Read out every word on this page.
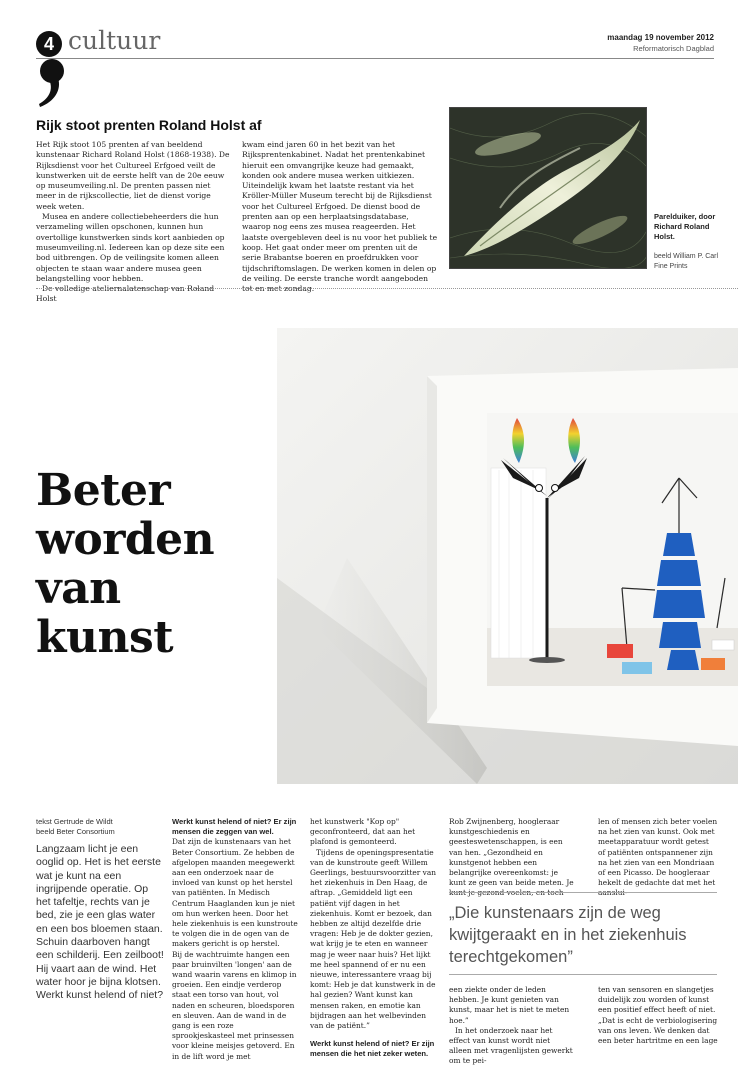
4 cultuur	maandag 19 november 2012
Reformatorisch Dagblad
Rijk stoot prenten Roland Holst af

Het Rijk stoot 105 prenten af van beeldend kunstenaar Richard Roland Holst (1868-1938). De Rijksdienst voor het Cultureel Erfgoed veilt de kunstwerken uit de eerste helft van de 20e eeuw op museumveiling.nl. De prenten passen niet meer in de rijkscollectie, liet de dienst vorige week weten.

Musea en andere collectiebeheerders die hun verzameling willen opschonen, kunnen hun overtollige kunstwerken sinds kort aanbieden op museumveiling.nl. Iedereen kan op deze site een bod uitbrengen. Op de veilingsite komen alleen objecten te staan waar andere musea geen belangstelling voor hebben.

De volledige ateliernalatenschap van Roland Holst

kwam eind jaren 60 in het bezit van het Rijksprentenkabinet. Nadat het prentenkabinet hieruit een omvangrijke keuze had gemaakt, konden ook andere musea werken uitkiezen. Uiteindelijk kwam het laatste restant via het Kröller-Müller Museum terecht bij de Rijksdienst voor het Cultureel Erfgoed. De dienst bood de prenten aan op een herplaatsingsdatabase, waarop nog eens zes musea reageerden. Het laatste overgebleven deel is nu voor het publiek te koop. Het gaat onder meer om prenten uit de serie Brabantse boeren en proefdrukken voor tijdschriftomslagen. De werken komen in delen op de veiling. De eerste tranche wordt aangeboden tot en met zondag.

Parelduiker, door Richard Roland Holst.
beeld William P. Carl Fine Prints
Beter
worden
van
kunst
tekst Gertrude de Wildt
beeld Beter Consortium
Langzaam licht je een ooglid op. Het is het eerste wat je kunt na een ingrijpende operatie. Op het tafeltje, rechts van je bed, zie je een glas water en een bos bloemen staan. Schuin daarboven hangt een schilderij. Een zeilboot! Hij vaart aan de wind. Het water hoor je bijna klotsen. Werkt kunst helend of niet?

Werkt kunst helend of niet? Er zijn mensen die zeggen van wel.

Dat zijn de kunstenaars van het Beter Consortium. Ze hebben de afgelopen maanden meegewerkt aan een onderzoek naar de invloed van kunst op het herstel van patiënten. In Medisch Centrum Haaglanden kun je niet om hun werken heen. Door het hele ziekenhuis is een kunstroute te volgen die in de ogen van de makers gericht is op herstel.

Bij de wachtruimte hangen een paar bruinvilten 'longen' aan de wand waarin varens en klimop in groeien. Een eindje verderop staat een torso van hout, vol naden en scheuren, bloedsporen en sleuven. Aan de wand in de gang is een roze sprookjeskasteel met prinsessen voor kleine meisjes getoverd. En in de lift word je met

het kunstwerk "Kop op" geconfronteerd, dat aan het plafond is gemonteerd.

Tijdens de openingspresentatie van de kunstroute geeft Willem Geerlings, bestuursvoorzitter van het ziekenhuis in Den Haag, de aftrap. „Gemiddeld ligt een patiënt vijf dagen in het ziekenhuis. Komt er bezoek, dan hebben ze altijd dezelfde drie vragen: Heb je de dokter gezien, wat krijg je te eten en wanneer mag je weer naar huis? Het lijkt me heel spannend of er nu een nieuwe, interessantere vraag bij komt: Heb je dat kunstwerk in de hal gezien? Want kunst kan mensen raken, en emotie kan bijdragen aan het welbevinden van de patiënt.”

Werkt kunst helend of niet? Er zijn mensen die het niet zeker weten.

Rob Zwijnenberg, hoogleraar kunstgeschiedenis en geesteswetenschappen, is een van hen. „Gezondheid en kunstgenot hebben een belangrijke overeenkomst: je kunt ze geen van beide meten. Je

len of mensen zich beter voelen na het zien van kunst. Ook met meetapparatuur wordt getest of patiënten ontspannener zijn na het zien van een Mondriaan of een Picasso. De hoogleraar hekelt de gedachte dat met het

„Die kunstenaars zijn de weg kwijtgeraakt en in het ziekenhuis terechtgekomen”

een ziekte onder de leden hebben. Je kunt genieten van kunst, maar het is niet te meten hoe.”

In het onderzoek naar het effect van kunst wordt niet alleen met vragenlijsten gewerkt om te pei-

ten van sensoren en slangetjes duidelijk zou worden of kunst een positief effect heeft of niet. „Dat is echt de verbiologisering van ons leven. We denken dat een beter hartritme en een lage
